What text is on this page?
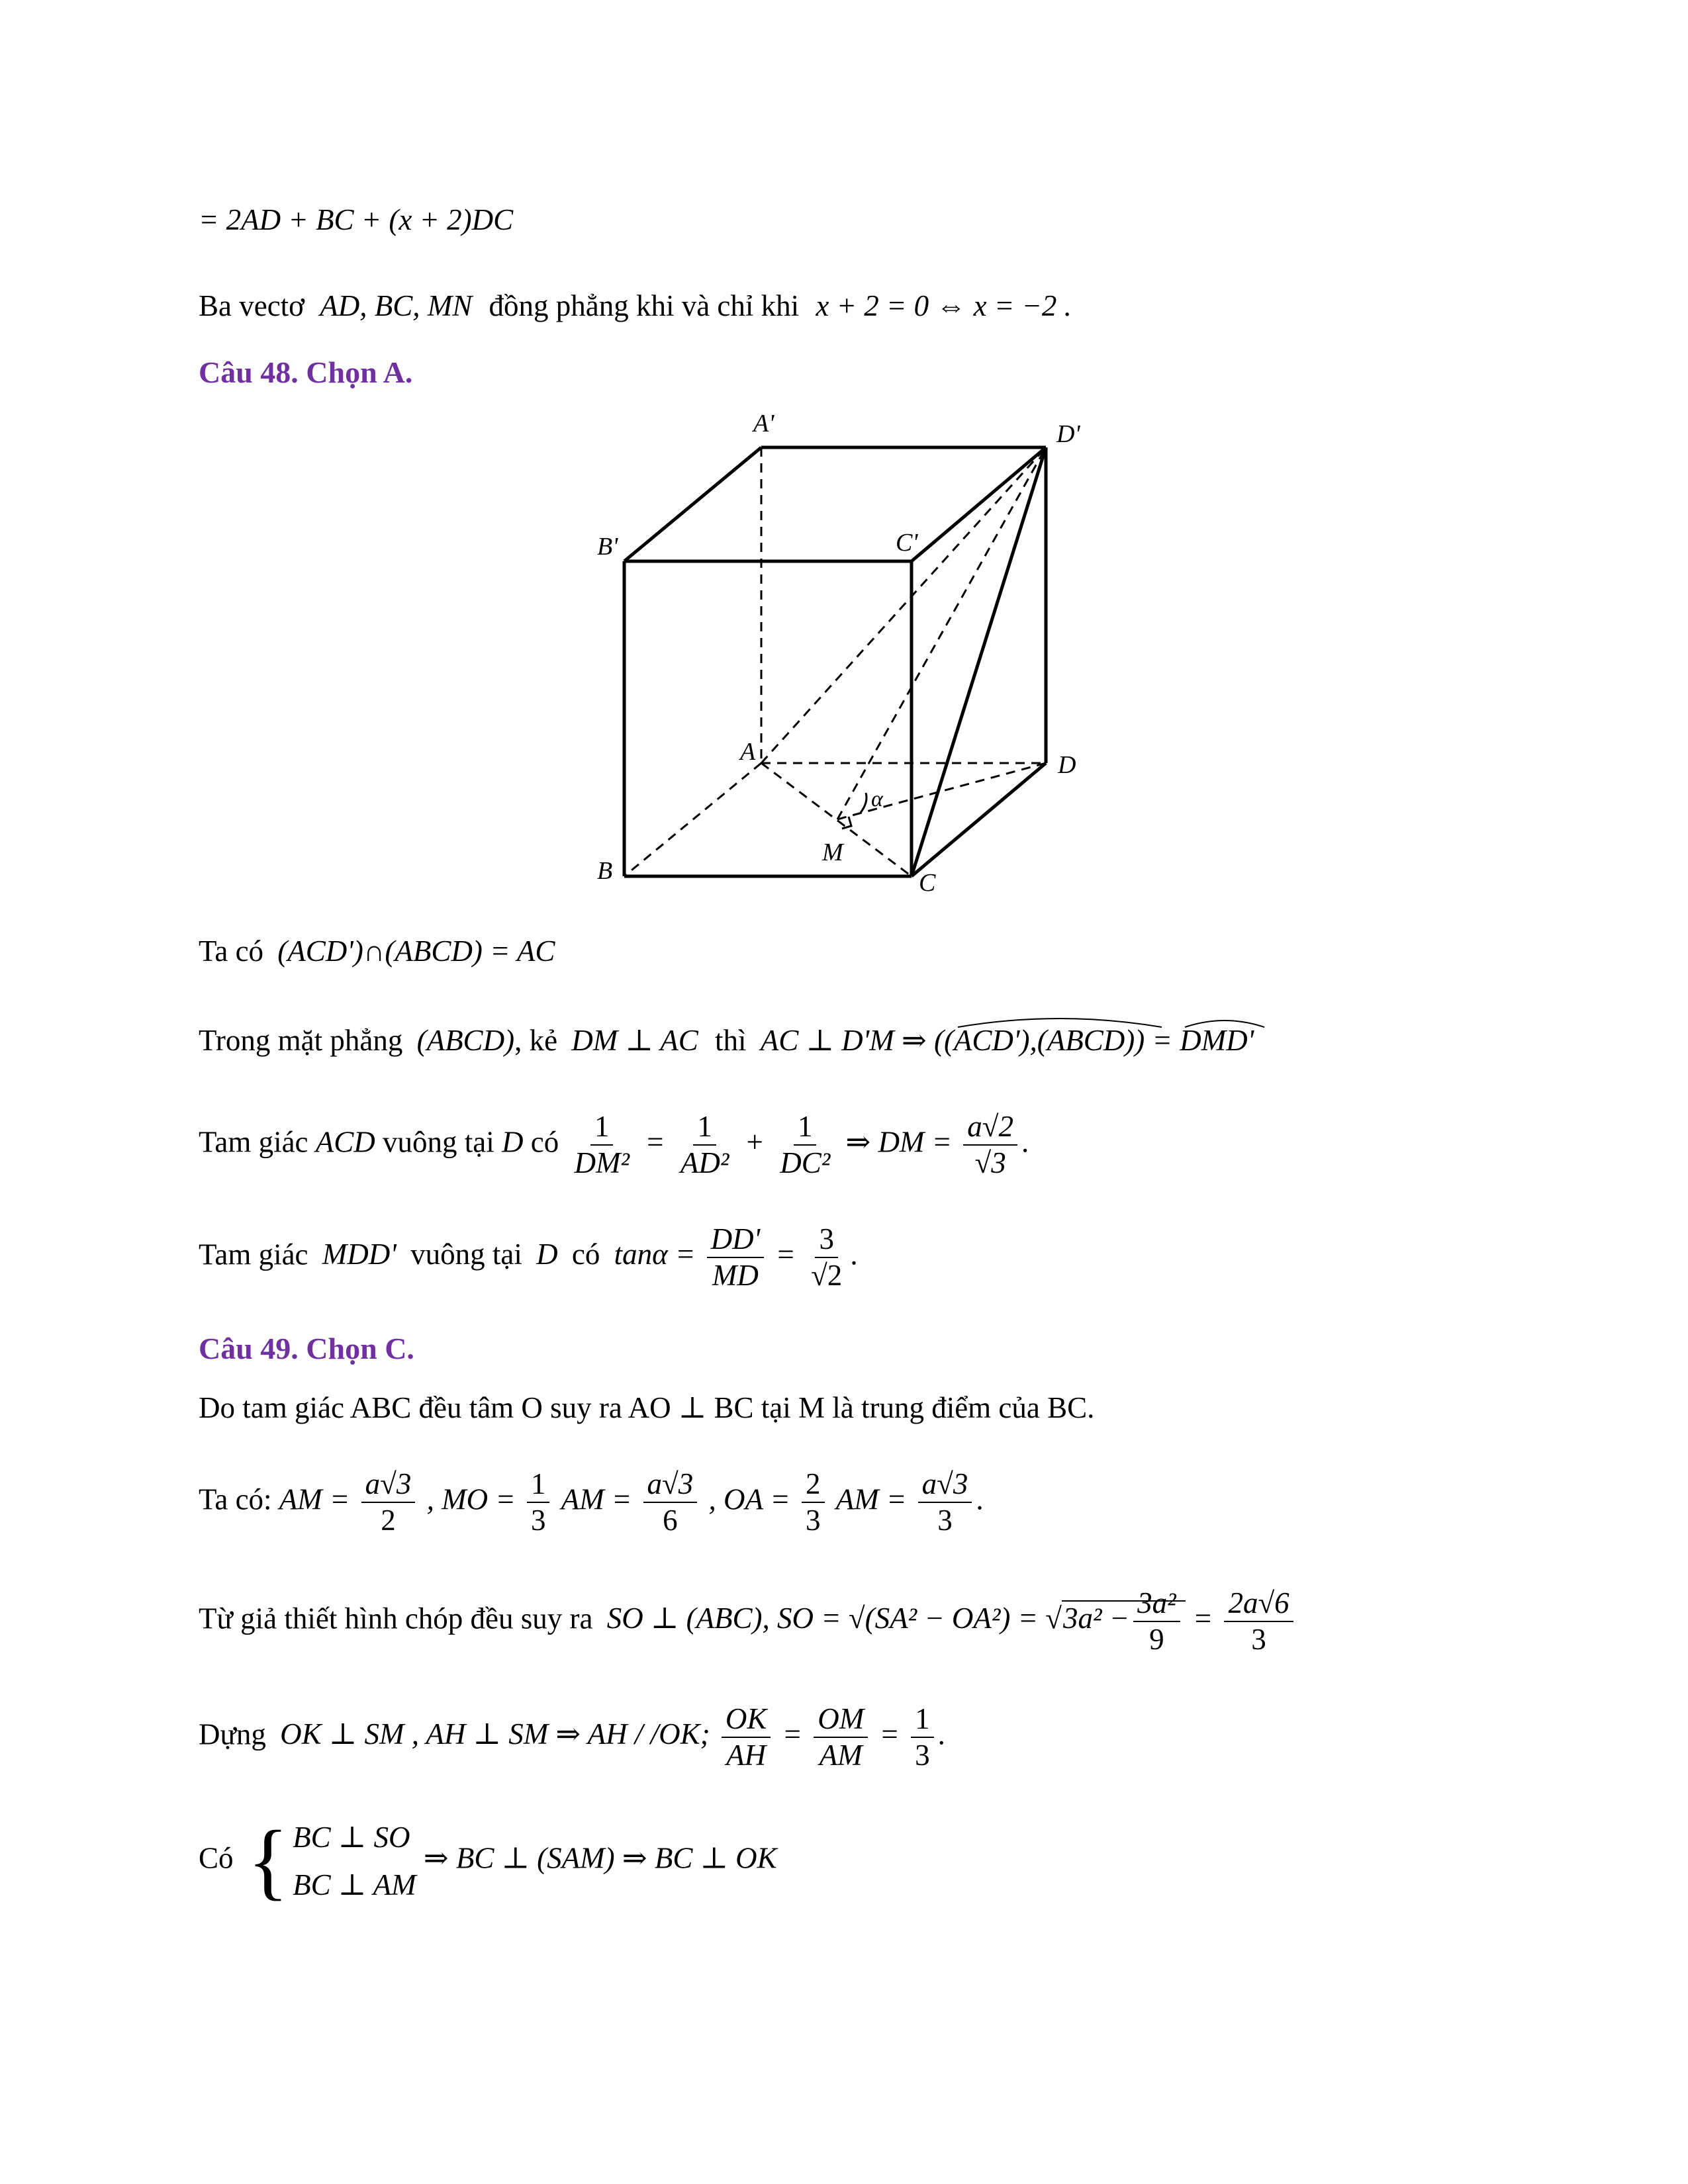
= 2AD + BC + (x + 2)DC
Ba vectơ AD, BC, MN đồng phẳng khi và chỉ khi x + 2 = 0 ⇔ x = −2 .
Câu 48. Chọn A.
A'	D'
B'	C'
A	D
B	C
M
α
Ta có (ACD')∩(ABCD) = AC
Trong mặt phẳng (ABCD), kẻ DM ⊥ AC thì AC ⊥ D'M ⇒ ((ACD'),(ABCD)) = DMD'
Tam giác ACD vuông tại D có $\frac{1}{\text{DM²}} = \frac{1}{\text{AD²}} + \frac{1}{\text{DC²}}$ ⇒ DM = $\frac{a√2}{√3}$ .
Tam giác MDD' vuông tại D có $\tan\alpha = \frac{DD'}{MD} = \frac{3}{√2}$ .
Câu 49. Chọn C.
Do tam giác ABC đều tâm O suy ra AO ⊥ BC tại M là trung điểm của BC.
Ta có: AM = $\frac{a√3}{2}$ , MO = $\frac{1}{3}$ AM = $\frac{a√3}{6}$ , OA = $\frac{2}{3}$ AM = $\frac{a√3}{3}$ .
Từ giả thiết hình chóp đều suy ra SO ⊥ (ABC), SO = $√(SA^2 - OA^2) = √3a^2 - \frac{\text{3a²}}{9} = \frac{2a√6}{3}$
Dựng OK ⊥ SM , AH ⊥ SM ⇒ AH / /OK; $\frac{OK}{AH} = \frac{OM}{AM} = \frac{1}{3}$ .
Có { BC ⊥ SO
BC ⊥ AM
⇒ BC ⊥ (SAM) ⇒ BC ⊥ OK
